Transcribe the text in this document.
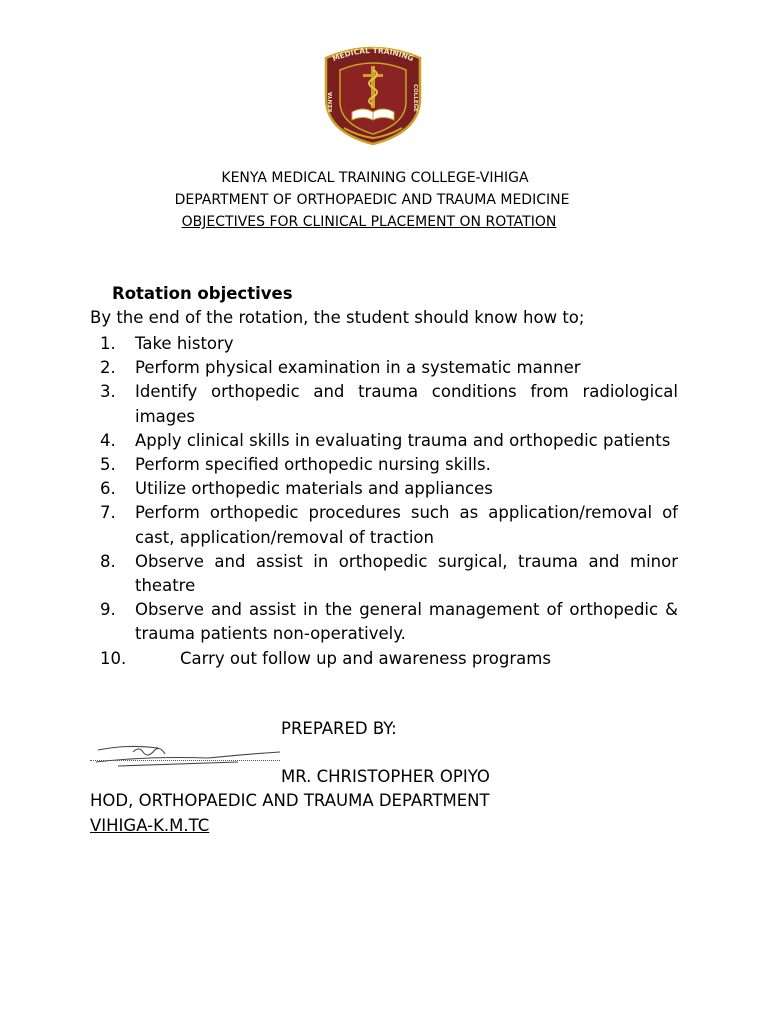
MEDICAL TRAINING
KENYA	COLLEGE
KENYA MEDICAL TRAINING COLLEGE-VIHIGA
DEPARTMENT OF ORTHOPAEDIC AND TRAUMA MEDICINE
OBJECTIVES FOR CLINICAL PLACEMENT ON ROTATION
Rotation objectives
By the end of the rotation, the student should know how to;
1.	Take history
2.	Perform physical examination in a systematic manner
3.	Identify orthopedic and trauma conditions from radiological images
4.	Apply clinical skills in evaluating trauma and orthopedic patients
5.	Perform specified orthopedic nursing skills.
6.	Utilize orthopedic materials and appliances
7.	Perform orthopedic procedures such as application/removal of cast, application/removal of traction
8.	Observe and assist in orthopedic surgical, trauma and minor theatre
9.	Observe and assist in the general management of orthopedic & trauma patients non-operatively.
10.	Carry out follow up and awareness programs
PREPARED BY:
MR. CHRISTOPHER OPIYO
HOD, ORTHOPAEDIC AND TRAUMA DEPARTMENT
VIHIGA-K.M.TC
